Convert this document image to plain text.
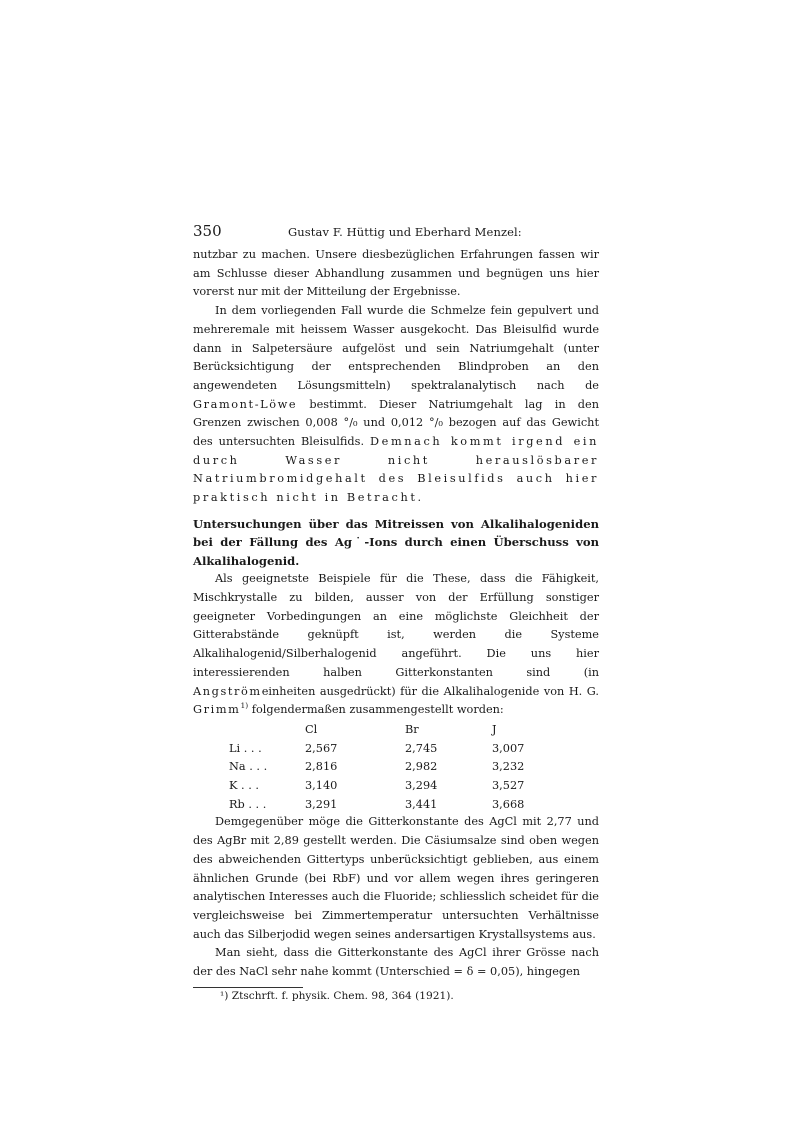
350	Gustav F. Hüttig und Eberhard Menzel:

nutzbar zu machen. Unsere diesbezüglichen Erfahrungen fassen wir am Schlusse dieser Abhandlung zusammen und begnügen uns hier vorerst nur mit der Mitteilung der Ergebnisse.

In dem vorliegenden Fall wurde die Schmelze fein gepulvert und mehreremale mit heissem Wasser ausgekocht. Das Bleisulfid wurde dann in Salpetersäure aufgelöst und sein Natriumgehalt (unter Berücksichtigung der entsprechenden Blindproben an den angewendeten Lösungsmitteln) spektralanalytisch nach de Gramont-Löwe bestimmt. Dieser Natriumgehalt lag in den Grenzen zwischen 0,008 °/₀ und 0,012 °/₀ bezogen auf das Gewicht des untersuchten Bleisulfids. Demnach kommt irgend ein durch Wasser nicht herauslösbarer Natriumbromidgehalt des Bleisulfids auch hier praktisch nicht in Betracht.

Untersuchungen über das Mitreissen von Alkalihalogeniden bei der Fällung des Ag˙-Ions durch einen Überschuss von Alkalihalogenid.

Als geeignetste Beispiele für die These, dass die Fähigkeit, Mischkrystalle zu bilden, ausser von der Erfüllung sonstiger geeigneter Vorbedingungen an eine möglichste Gleichheit der Gitterabstände geknüpft ist, werden die Systeme Alkalihalogenid/Silberhalogenid angeführt. Die uns hier interessierenden halben Gitterkonstanten sind (in Angströmeinheiten ausgedrückt) für die Alkalihalogenide von H. G. Grimm$^{1)}$ folgendermaßen zusammengestellt worden:

	Cl	Br	J
Li . . .	2,567	2,745	3,007
Na . . .	2,816	2,982	3,232
K . . .	3,140	3,294	3,527
Rb . . .	3,291	3,441	3,668

Demgegenüber möge die Gitterkonstante des AgCl mit 2,77 und des AgBr mit 2,89 gestellt werden. Die Cäsiumsalze sind oben wegen des abweichenden Gittertyps unberücksichtigt geblieben, aus einem ähnlichen Grunde (bei RbF) und vor allem wegen ihres geringeren analytischen Interesses auch die Fluoride; schliesslich scheidet für die vergleichsweise bei Zimmertemperatur untersuchten Verhältnisse auch das Silberjodid wegen seines andersartigen Krystallsystems aus.

Man sieht, dass die Gitterkonstante des AgCl ihrer Grösse nach der des NaCl sehr nahe kommt (Unterschied = δ = 0,05), hingegen

¹) Ztschrft. f. physik. Chem. 98, 364 (1921).
